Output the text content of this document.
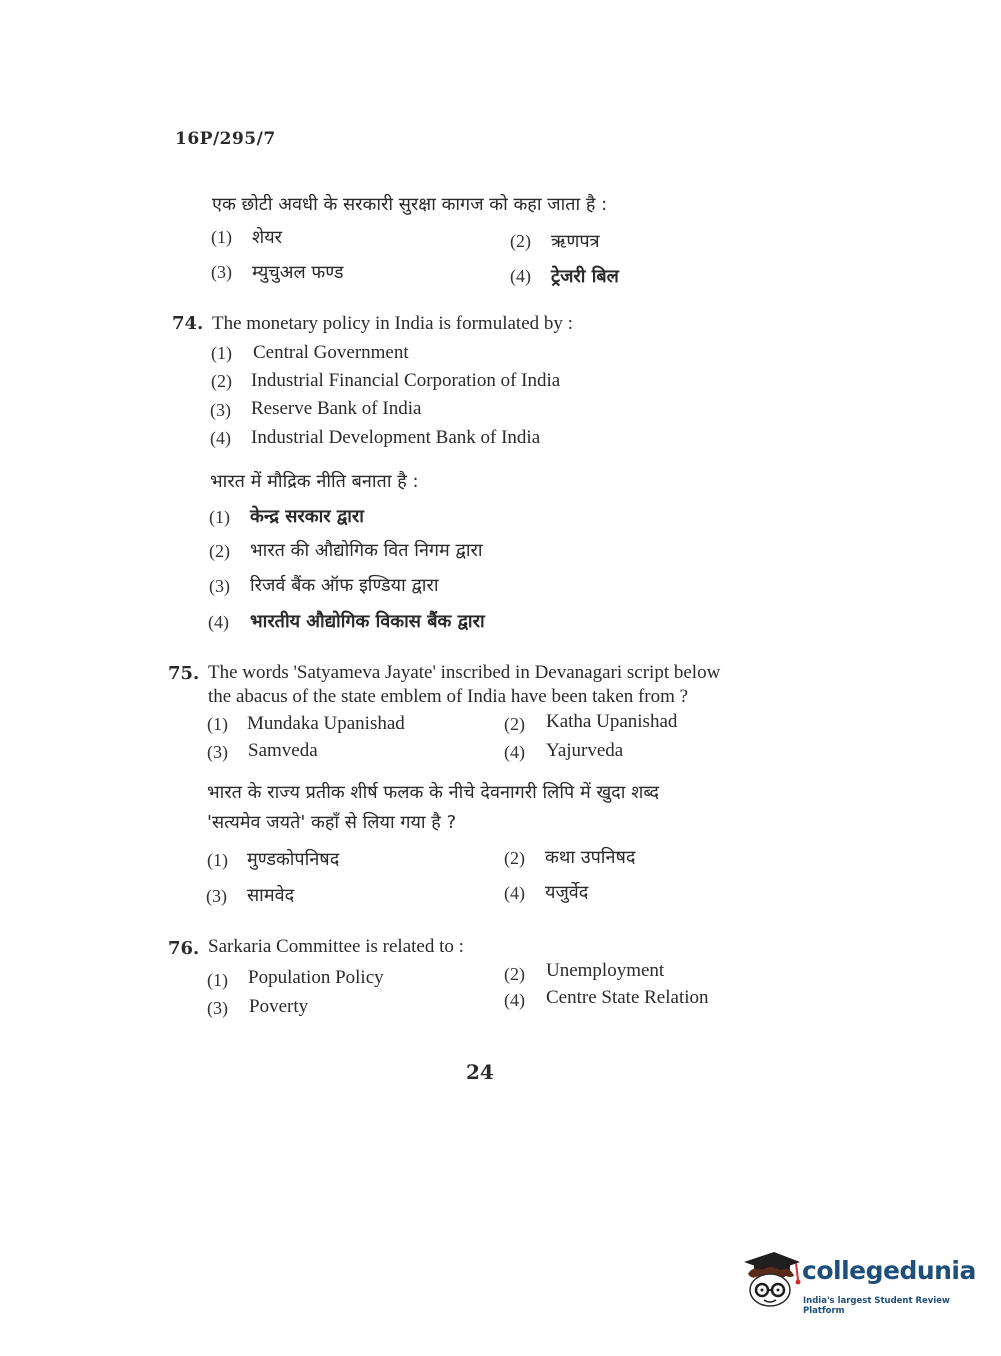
16P/295/7
एक छोटी अवधी के सरकारी सुरक्षा कागज को कहा जाता है :
(1) शेयर	(2) ऋणपत्र
(3) म्युचुअल फण्ड	(4) ट्रेजरी बिल
74. The monetary policy in India is formulated by :
(1) Central Government
(2) Industrial Financial Corporation of India
(3) Reserve Bank of India
(4) Industrial Development Bank of India
भारत में मौद्रिक नीति बनाता है :
(1) केन्द्र सरकार द्वारा
(2) भारत की औद्योगिक वित निगम द्वारा
(3) रिजर्व बैंक ऑफ इण्डिया द्वारा
(4) भारतीय औद्योगिक विकास बैंक द्वारा
75. The words 'Satyameva Jayate' inscribed in Devanagari script below
the abacus of the state emblem of India have been taken from ?
(1) Mundaka Upanishad	(2) Katha Upanishad
(3) Samveda	(4) Yajurveda
भारत के राज्य प्रतीक शीर्ष फलक के नीचे देवनागरी लिपि में खुदा शब्द
'सत्यमेव जयते' कहाँ से लिया गया है ?
(1) मुण्डकोपनिषद	(2) कथा उपनिषद
(3) सामवेद	(4) यजुर्वेद
76. Sarkaria Committee is related to :
(1) Population Policy	(2) Unemployment
(3) Poverty	(4) Centre State Relation
24
collegedunia
India's largest Student Review Platform
